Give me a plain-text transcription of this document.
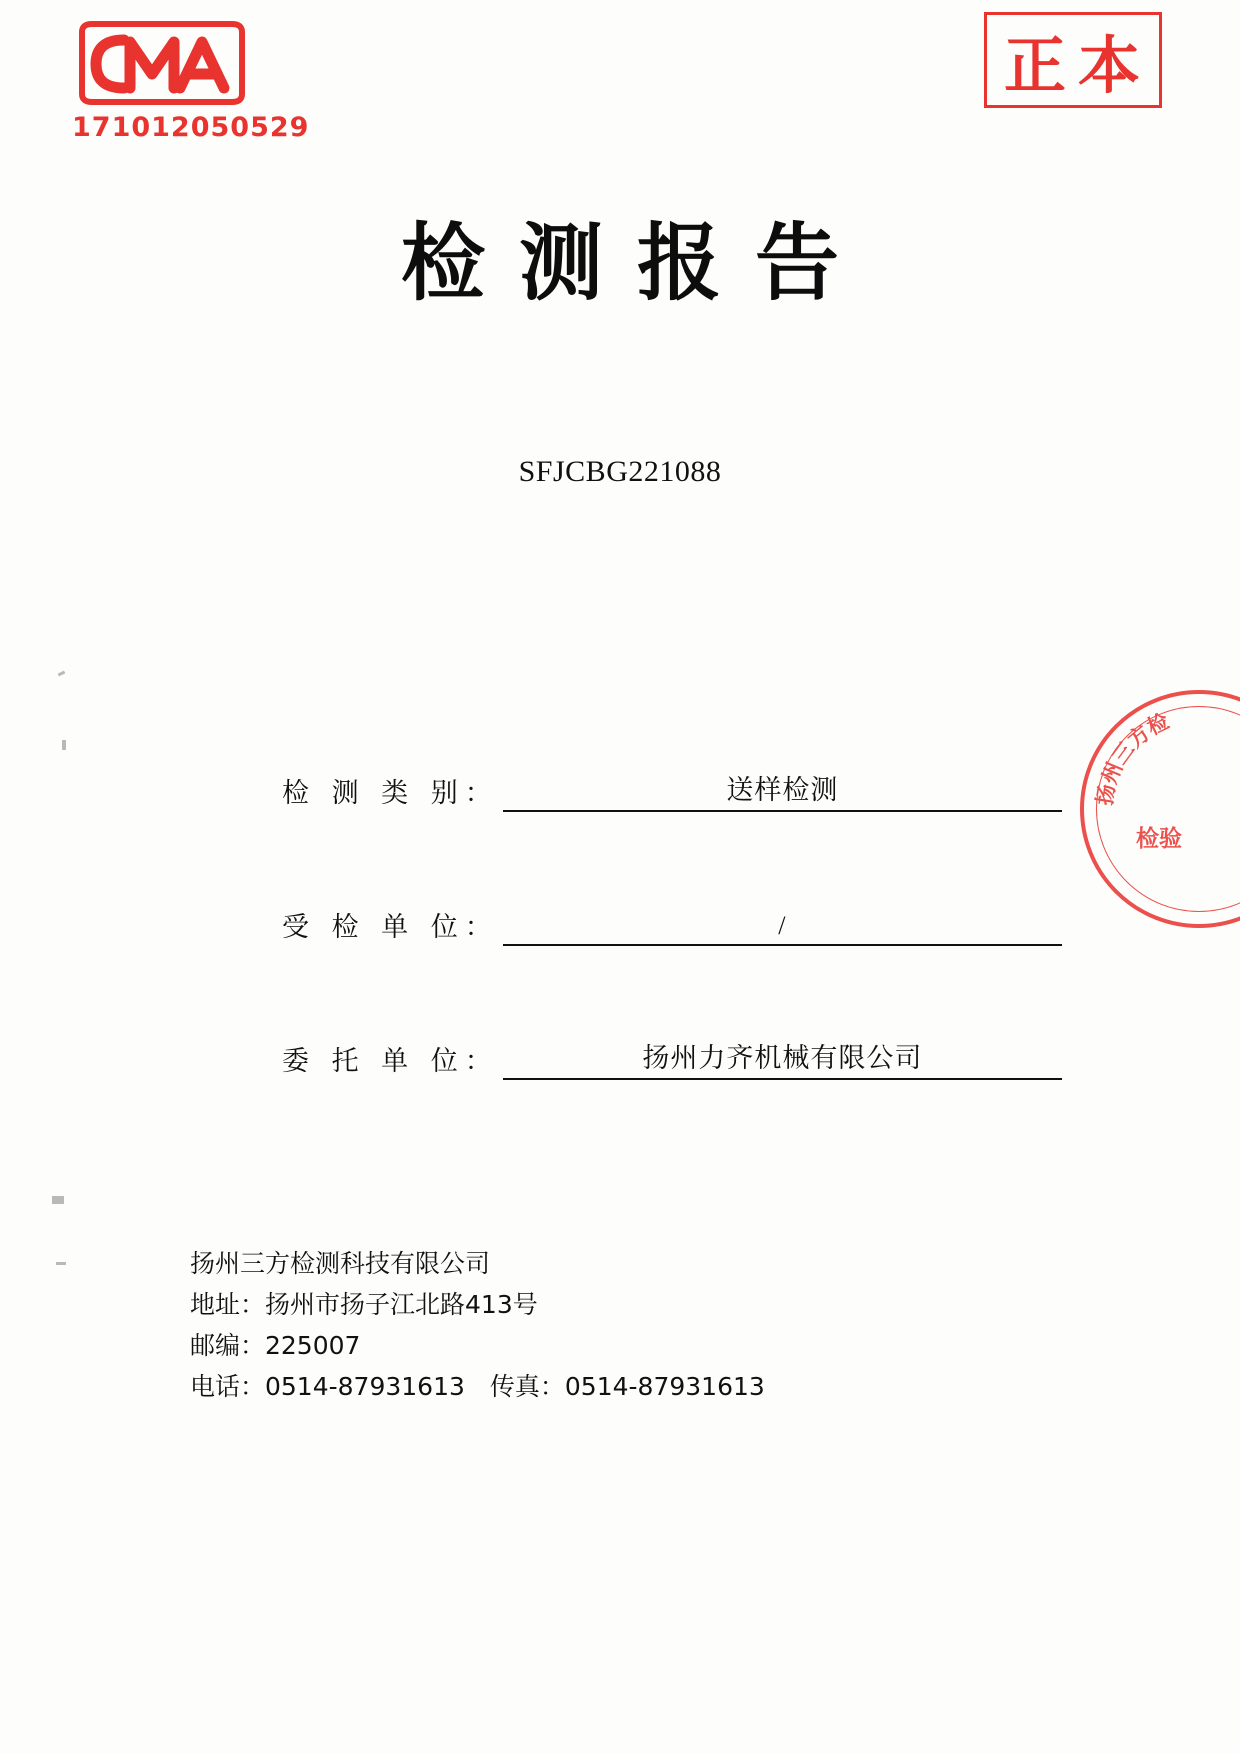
171012050529
正本
检测报告
SFJCBG221088
检 测 类 别：	送样检测
受 检 单 位：	/
委 托 单 位：	扬州力齐机械有限公司
扬州三方检
检验
扬州三方检测科技有限公司
地址：扬州市扬子江北路413号
邮编：225007
电话：0514-87931613　传真：0514-87931613
